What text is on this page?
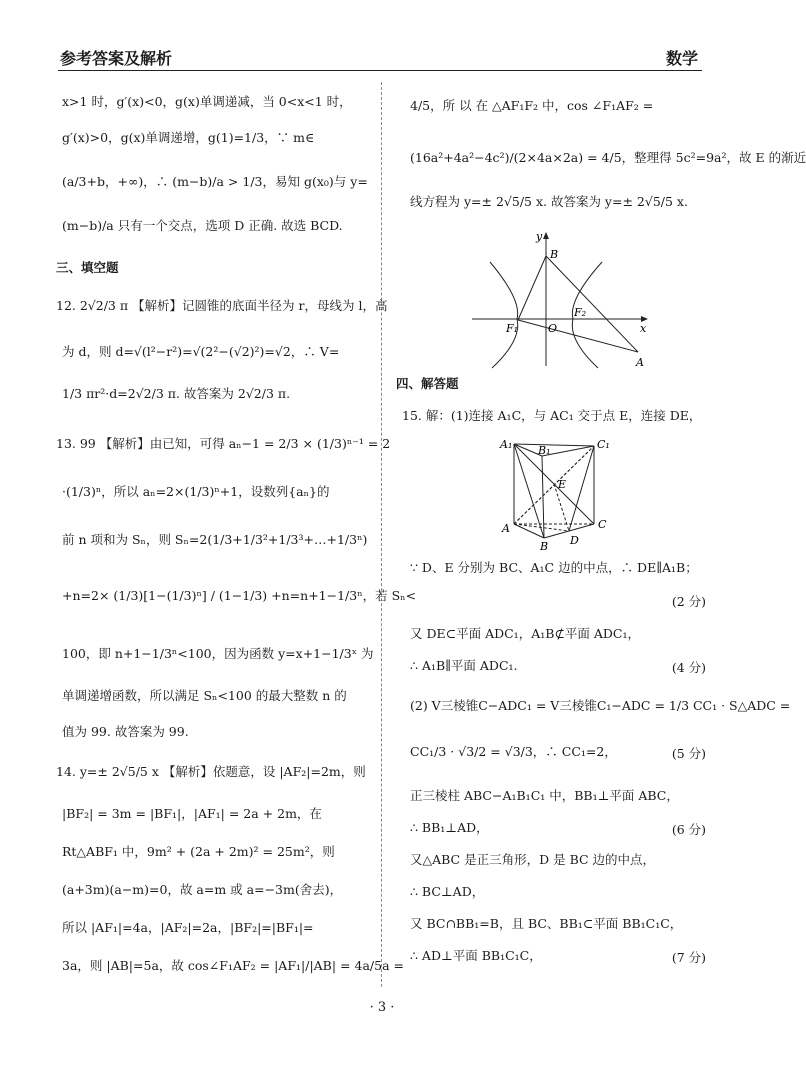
参考答案及解析	数学
x>1 时，g′(x)<0，g(x)单调递减，当 0<x<1 时，
g′(x)>0，g(x)单调递增，g(1)=1/3，∵ m∈
(a/3+b，+∞)，∴ (m−b)/a > 1/3，易知 g(x₀)与 y=
(m−b)/a 只有一个交点，选项 D 正确. 故选 BCD.
三、填空题
12. 2√2/3 π 【解析】记圆锥的底面半径为 r，母线为 l，高
为 d，则 d=√(l²−r²)=√(2²−(√2)²)=√2，∴ V=
1/3 πr²·d=2√2/3 π. 故答案为 2√2/3 π.
13. 99 【解析】由已知，可得 aₙ−1 = 2/3 × (1/3)ⁿ⁻¹ = 2
·(1/3)ⁿ，所以 aₙ=2×(1/3)ⁿ+1，设数列{aₙ}的
前 n 项和为 Sₙ，则 Sₙ=2(1/3+1/3²+1/3³+…+1/3ⁿ)
+n=2× (1/3)[1−(1/3)ⁿ] / (1−1/3) +n=n+1−1/3ⁿ，若 Sₙ<
100，即 n+1−1/3ⁿ<100，因为函数 y=x+1−1/3ˣ 为
单调递增函数，所以满足 Sₙ<100 的最大整数 n 的
值为 99. 故答案为 99.
14. y=± 2√5/5 x 【解析】依题意，设 |AF₂|=2m，则
|BF₂| = 3m = |BF₁|，|AF₁| = 2a + 2m，在
Rt△ABF₁ 中，9m² + (2a + 2m)² = 25m²，则
(a+3m)(a−m)=0，故 a=m 或 a=−3m(舍去)，
所以 |AF₁|=4a，|AF₂|=2a，|BF₂|=|BF₁|=
3a，则 |AB|=5a，故 cos∠F₁AF₂ = |AF₁|/|AB| = 4a/5a =
4/5，所 以 在 △AF₁F₂ 中，cos ∠F₁AF₂ =
(16a²+4a²−4c²)/(2×4a×2a) = 4/5，整理得 5c²=9a²，故 E 的渐近
线方程为 y=± 2√5/5 x. 故答案为 y=± 2√5/5 x.
y
x
B
F₁
F₂
O
A
四、解答题
15. 解：(1)连接 A₁C，与 AC₁ 交于点 E，连接 DE，
A₁ B₁	C₁
E
A
B
C
D
∵ D、E 分别为 BC、A₁C 边的中点，∴ DE∥A₁B；
(2 分)
又 DE⊂平面 ADC₁，A₁B⊄平面 ADC₁，
∴ A₁B∥平面 ADC₁.	(4 分)
(2) V三棱锥C−ADC₁ = V三棱锥C₁−ADC = 1/3 CC₁ · S△ADC =
CC₁/3 · √3/2 = √3/3，∴ CC₁=2，	(5 分)
正三棱柱 ABC−A₁B₁C₁ 中，BB₁⊥平面 ABC，
∴ BB₁⊥AD，	(6 分)
又△ABC 是正三角形，D 是 BC 边的中点，
∴ BC⊥AD，
又 BC∩BB₁=B，且 BC、BB₁⊂平面 BB₁C₁C，
∴ AD⊥平面 BB₁C₁C，	(7 分)
· 3 ·
